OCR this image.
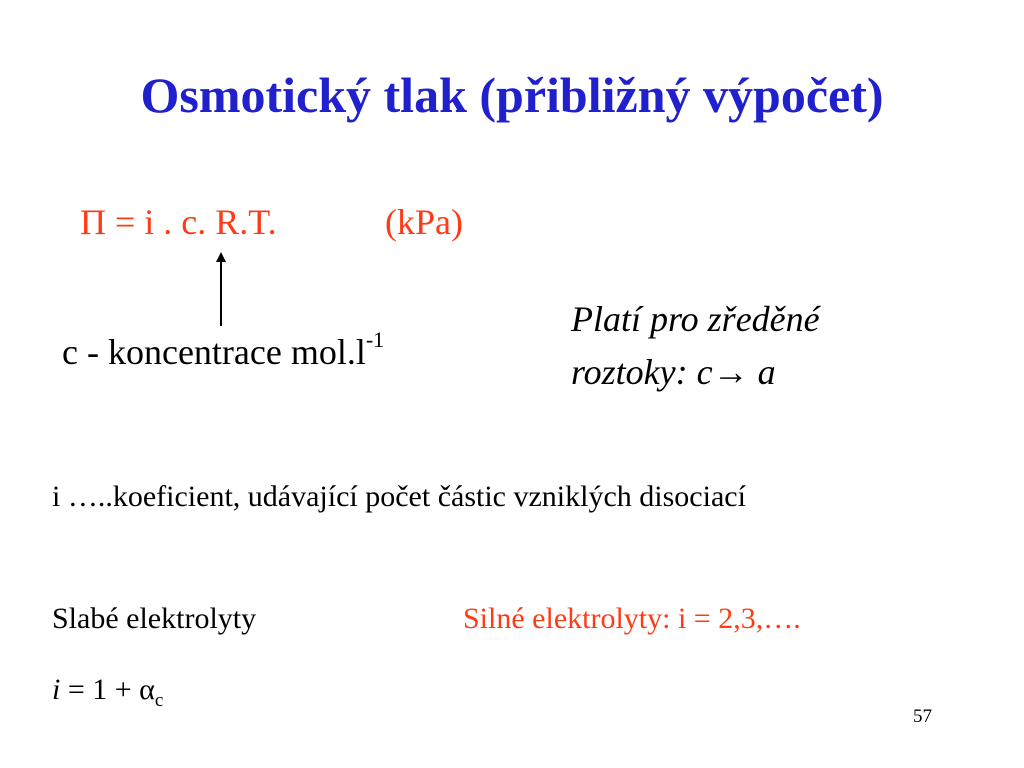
Osmotický tlak (přibližný výpočet)
Π = i . c. R.T.	(kPa)
c - koncentrace $mol.l^{-1}$
Platí pro zředěné
roztoky: c→ a
i …..koeficient, udávající počet částic vzniklých disociací
Slabé elektrolyty	Silné elektrolyty: i = 2,3,….
$i = 1 + \alpha_c$
57
